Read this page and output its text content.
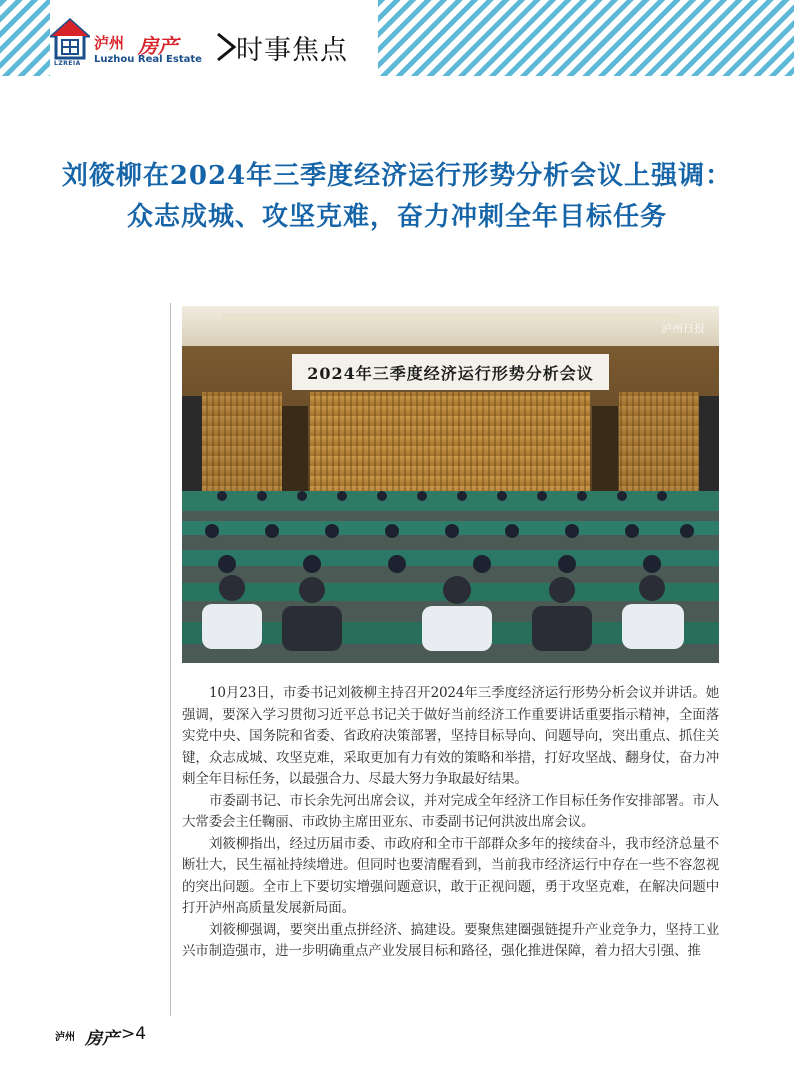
LZREIA
泸州 房产
Luzhou Real Estate 时事焦点
刘筱柳在2024年三季度经济运行形势分析会议上强调：
众志成城、攻坚克难，奋力冲刺全年目标任务
2024年三季度经济运行形势分析会议
泸州日报

10月23日，市委书记刘筱柳主持召开2024年三季度经济运行形势分析会议并讲话。她强调，要深入学习贯彻习近平总书记关于做好当前经济工作重要讲话重要指示精神，全面落实党中央、国务院和省委、省政府决策部署，坚持目标导向、问题导向，突出重点、抓住关键，众志成城、攻坚克难，采取更加有力有效的策略和举措，打好攻坚战、翻身仗，奋力冲刺全年目标任务，以最强合力、尽最大努力争取最好结果。

市委副书记、市长余先河出席会议，并对完成全年经济工作目标任务作安排部署。市人大常委会主任鞠丽、市政协主席田亚东、市委副书记何洪波出席会议。

刘筱柳指出，经过历届市委、市政府和全市干部群众多年的接续奋斗，我市经济总量不断壮大，民生福祉持续增进。但同时也要清醒看到，当前我市经济运行中存在一些不容忽视的突出问题。全市上下要切实增强问题意识，敢于正视问题，勇于攻坚克难，在解决问题中打开泸州高质量发展新局面。

刘筱柳强调，要突出重点拼经济、搞建设。要聚焦建圈强链提升产业竞争力，坚持工业兴市制造强市，进一步明确重点产业发展目标和路径，强化推进保障，着力招大引强、推

泸州 房产 >4
